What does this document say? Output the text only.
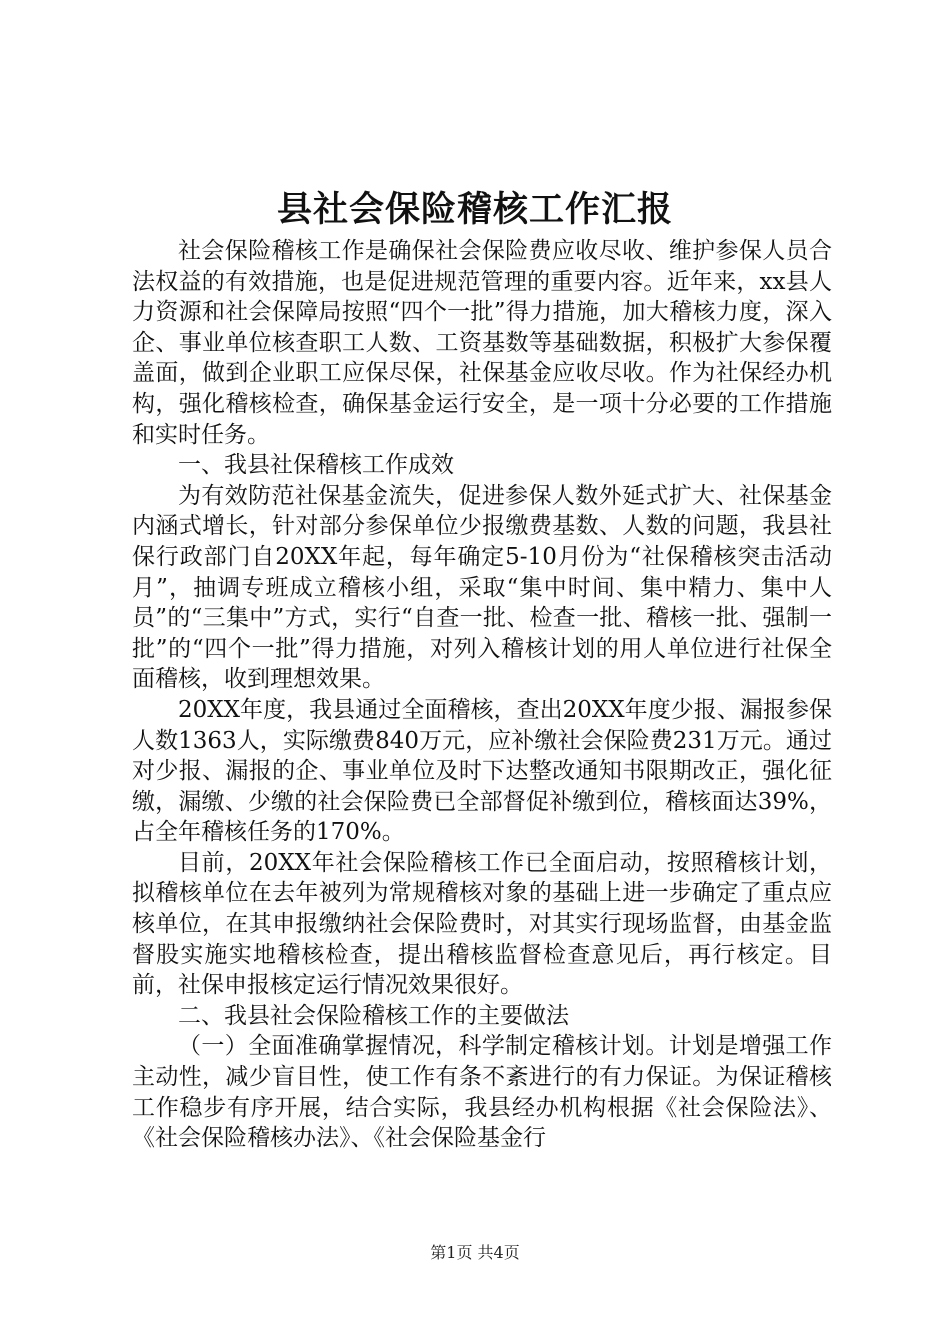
县社会保险稽核工作汇报

社会保险稽核工作是确保社会保险费应收尽收、维护参保人员合法权益的有效措施，也是促进规范管理的重要内容。近年来，xx县人力资源和社会保障局按照“四个一批”得力措施，加大稽核力度，深入企、事业单位核查职工人数、工资基数等基础数据，积极扩大参保覆盖面，做到企业职工应保尽保，社保基金应收尽收。作为社保经办机构，强化稽核检查，确保基金运行安全，是一项十分必要的工作措施和实时任务。

一、我县社保稽核工作成效

为有效防范社保基金流失，促进参保人数外延式扩大、社保基金内涵式增长，针对部分参保单位少报缴费基数、人数的问题，我县社保行政部门自20XX年起，每年确定5-10月份为“社保稽核突击活动月”，抽调专班成立稽核小组，采取“集中时间、集中精力、集中人员”的“三集中”方式，实行“自查一批、检查一批、稽核一批、强制一批”的“四个一批”得力措施，对列入稽核计划的用人单位进行社保全面稽核，收到理想效果。

20XX年度，我县通过全面稽核，查出20XX年度少报、漏报参保人数1363人，实际缴费840万元，应补缴社会保险费231万元。通过对少报、漏报的企、事业单位及时下达整改通知书限期改正，强化征缴，漏缴、少缴的社会保险费已全部督促补缴到位，稽核面达39%，占全年稽核任务的170%。

目前，20XX年社会保险稽核工作已全面启动，按照稽核计划，拟稽核单位在去年被列为常规稽核对象的基础上进一步确定了重点应核单位，在其申报缴纳社会保险费时，对其实行现场监督，由基金监督股实施实地稽核检查，提出稽核监督检查意见后，再行核定。目前，社保申报核定运行情况效果很好。

二、我县社会保险稽核工作的主要做法

（一）全面准确掌握情况，科学制定稽核计划。计划是增强工作主动性，减少盲目性，使工作有条不紊进行的有力保证。为保证稽核工作稳步有序开展，结合实际，我县经办机构根据《社会保险法》、《社会保险稽核办法》、《社会保险基金行

第1页 共4页
